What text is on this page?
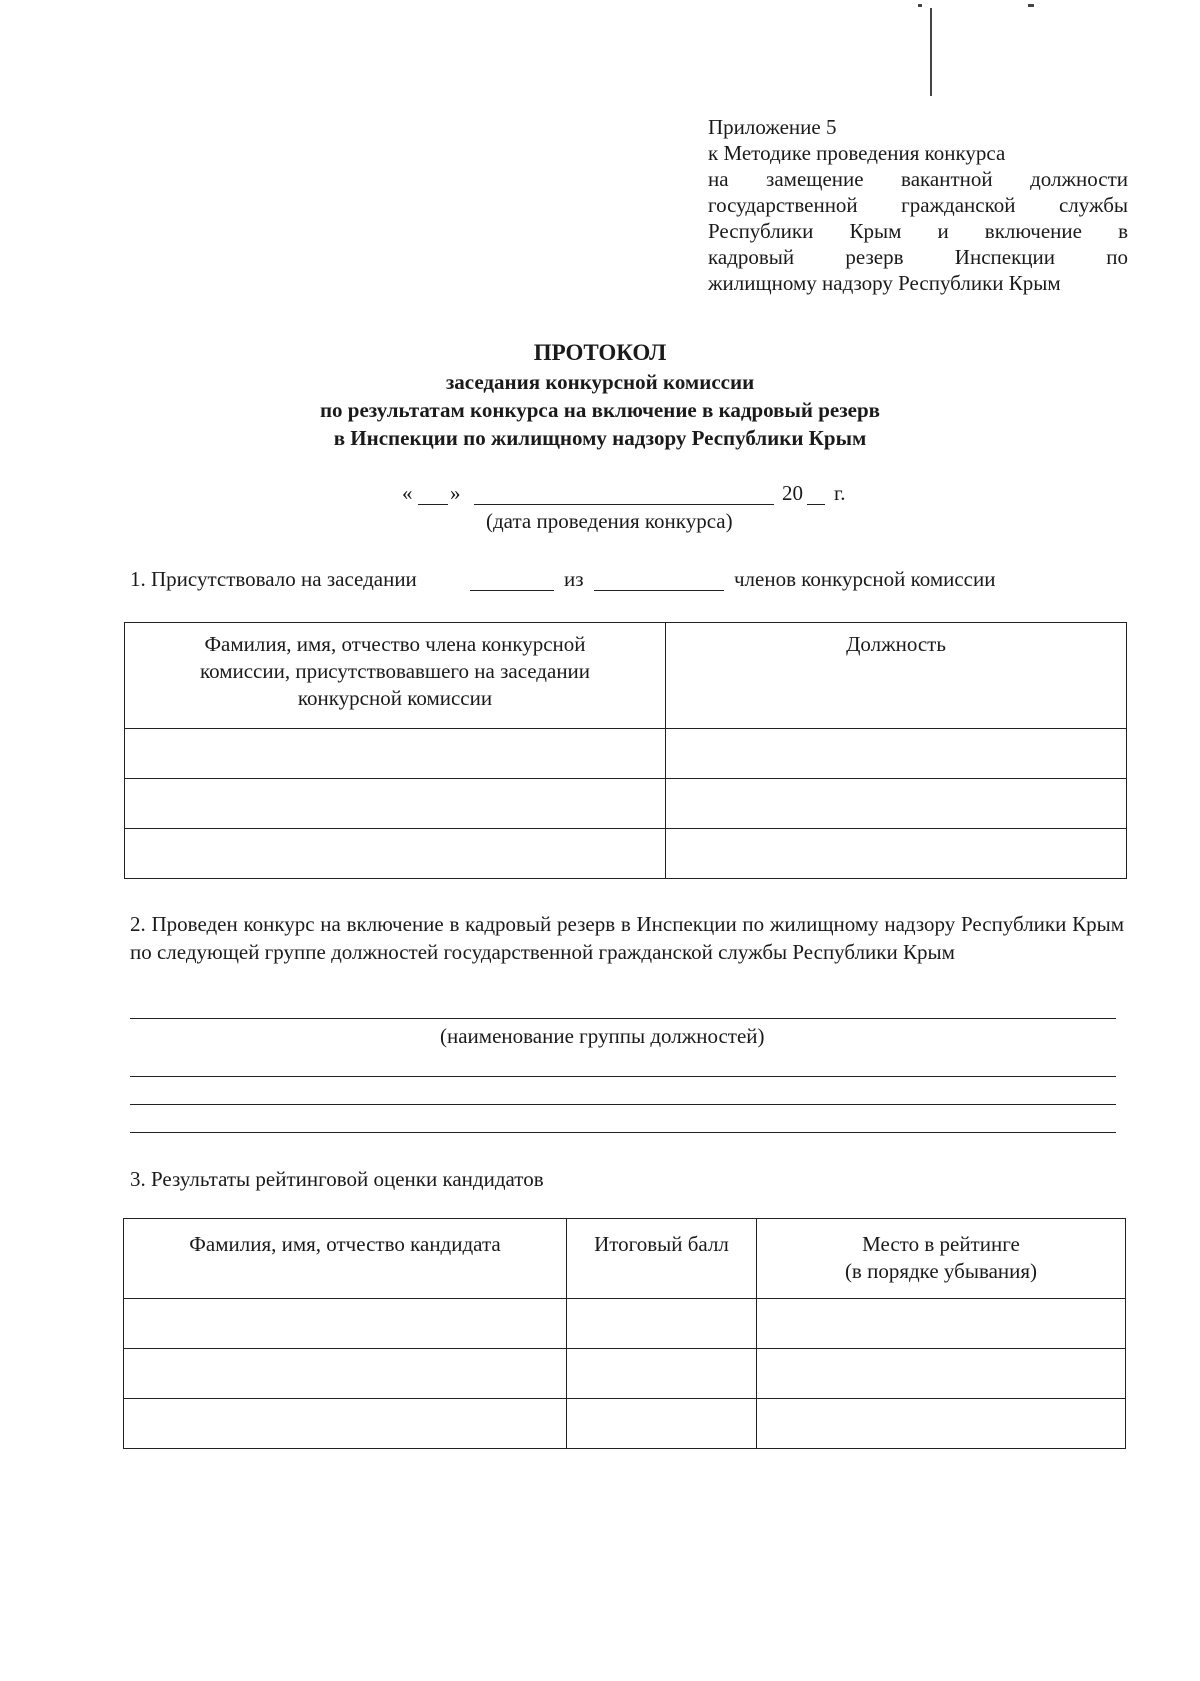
Приложение 5
к Методике проведения конкурса
на замещение вакантной должности
государственной гражданской службы
Республики Крым и включение в
кадровый резерв Инспекции по
жилищному надзору Республики Крым
ПРОТОКОЛ
заседания конкурсной комиссии
по результатам конкурса на включение в кадровый резерв
в Инспекции по жилищному надзору Республики Крым
« »	20 г.
(дата проведения конкурса)
1. Присутствовало на заседании	из	членов конкурсной комиссии
Фамилия, имя, отчество члена конкурсной комиссии, присутствовавшего на заседании конкурсной комиссии	Должность

2. Проведен конкурс на включение в кадровый резерв в Инспекции по жилищному надзору Республики Крым по следующей группе должностей государственной гражданской службы Республики Крым
(наименование группы должностей)
3. Результаты рейтинговой оценки кандидатов
Фамилия, имя, отчество кандидата	Итоговый балл	Место в рейтинге
(в порядке убывания)
